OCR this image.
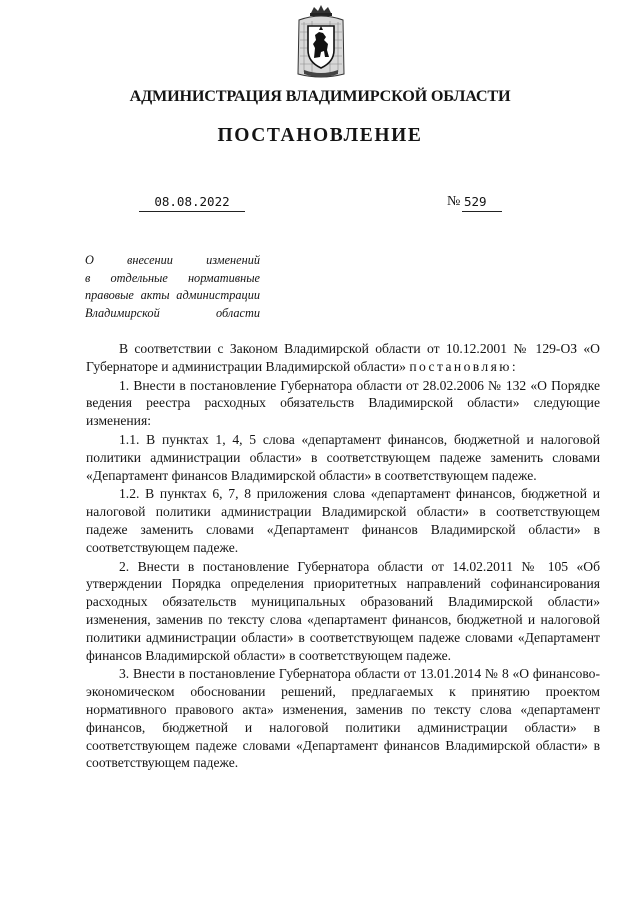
АДМИНИСТРАЦИЯ ВЛАДИМИРСКОЙ ОБЛАСТИ
ПОСТАНОВЛЕНИЕ
08.08.2022	№ 529
О внесении изменений
в отдельные нормативные
правовые акты администрации
Владимирской	области

В соответствии с Законом Владимирской области от 10.12.2001 № 129-ОЗ «О Губернаторе и администрации Владимирской области» постановляю:

1. Внести в постановление Губернатора области от 28.02.2006 № 132 «О Порядке ведения реестра расходных обязательств Владимирской области» следующие изменения:

1.1. В пунктах 1, 4, 5 слова «департамент финансов, бюджетной и налоговой политики администрации области» в соответствующем падеже заменить словами «Департамент финансов Владимирской области» в соответствующем падеже.

1.2. В пунктах 6, 7, 8 приложения слова «департамент финансов, бюджетной и налоговой политики администрации Владимирской области» в соответствующем падеже заменить словами «Департамент финансов Владимирской области» в соответствующем падеже.

2. Внести в постановление Губернатора области от 14.02.2011 № 105 «Об утверждении Порядка определения приоритетных направлений софинансирования расходных обязательств муниципальных образований Владимирской области» изменения, заменив по тексту слова «департамент финансов, бюджетной и налоговой политики администрации области» в соответствующем падеже словами «Департамент финансов Владимирской области» в соответствующем падеже.

3. Внести в постановление Губернатора области от 13.01.2014 № 8 «О финансово-экономическом обосновании решений, предлагаемых к принятию проектом нормативного правового акта» изменения, заменив по тексту слова «департамент финансов, бюджетной и налоговой политики администрации области» в соответствующем падеже словами «Департамент финансов Владимирской области» в соответствующем падеже.
